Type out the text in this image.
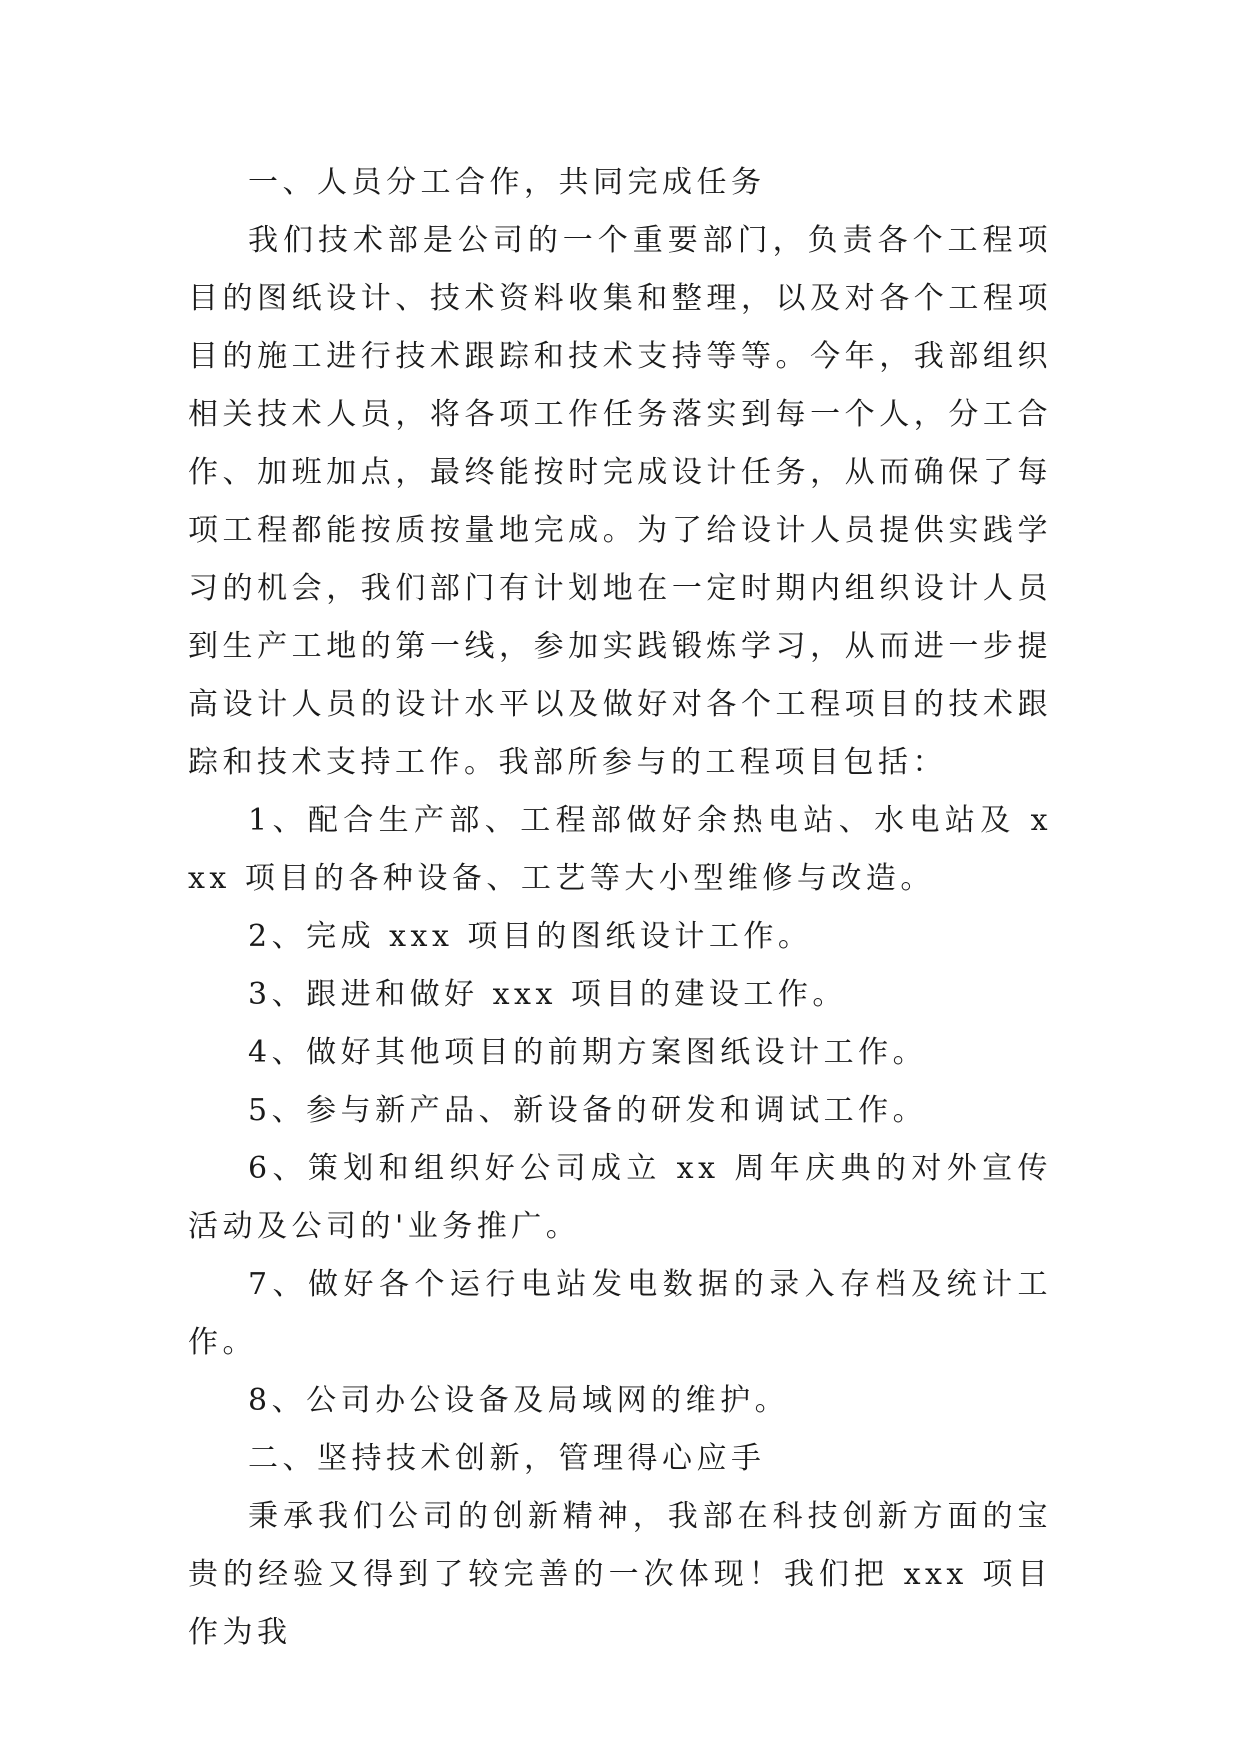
一、人员分工合作，共同完成任务

我们技术部是公司的一个重要部门，负责各个工程项目的图纸设计、技术资料收集和整理，以及对各个工程项目的施工进行技术跟踪和技术支持等等。今年，我部组织相关技术人员，将各项工作任务落实到每一个人，分工合作、加班加点，最终能按时完成设计任务，从而确保了每项工程都能按质按量地完成。为了给设计人员提供实践学习的机会，我们部门有计划地在一定时期内组织设计人员到生产工地的第一线，参加实践锻炼学习，从而进一步提高设计人员的设计水平以及做好对各个工程项目的技术跟踪和技术支持工作。我部所参与的工程项目包括：

1、配合生产部、工程部做好余热电站、水电站及 xxx 项目的各种设备、工艺等大小型维修与改造。

2、完成 xxx 项目的图纸设计工作。

3、跟进和做好 xxx 项目的建设工作。

4、做好其他项目的前期方案图纸设计工作。

5、参与新产品、新设备的研发和调试工作。

6、策划和组织好公司成立 xx 周年庆典的对外宣传活动及公司的'业务推广。

7、做好各个运行电站发电数据的录入存档及统计工作。

8、公司办公设备及局域网的维护。

二、坚持技术创新，管理得心应手

秉承我们公司的创新精神，我部在科技创新方面的宝贵的经验又得到了较完善的一次体现！我们把 xxx 项目作为我
